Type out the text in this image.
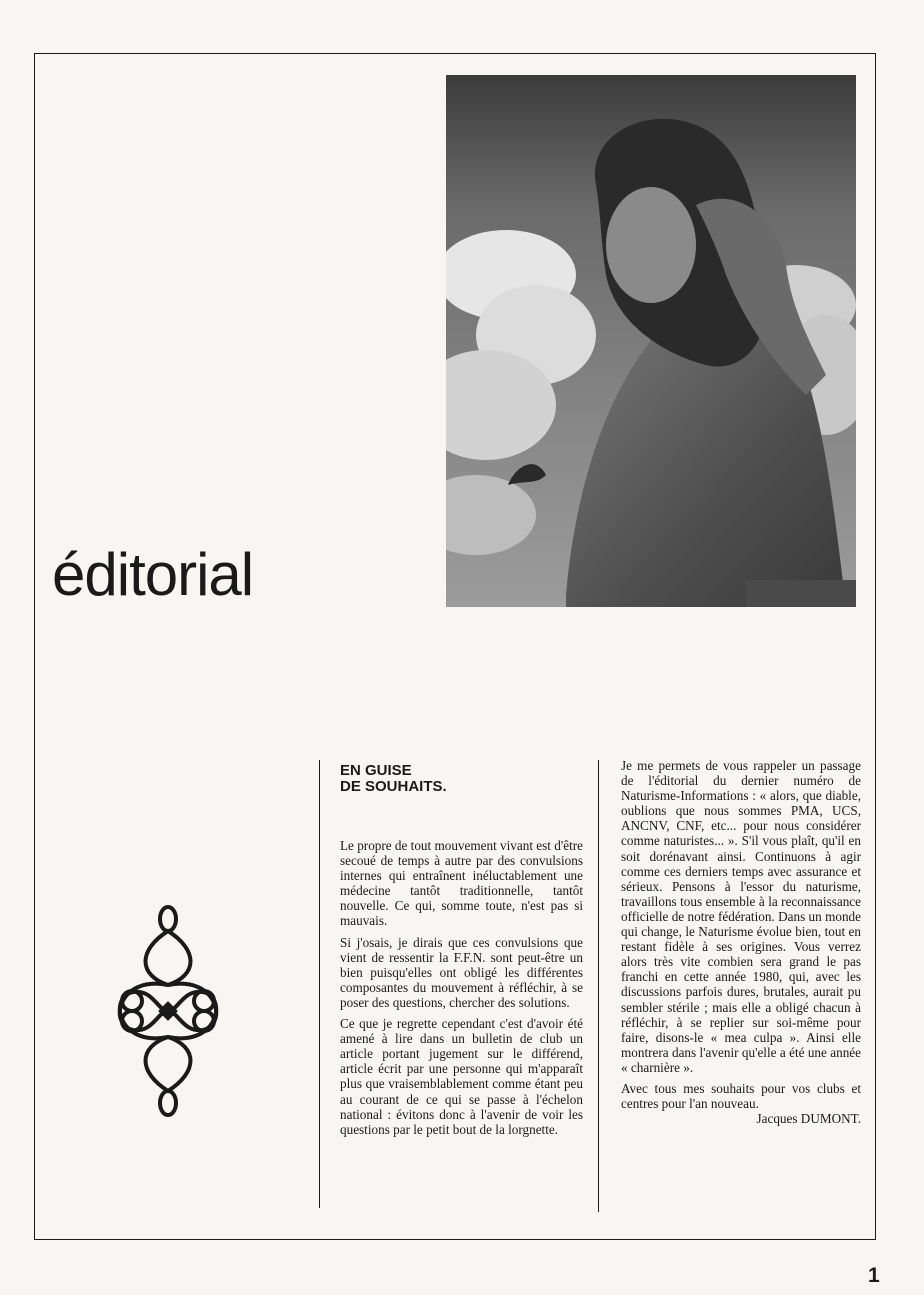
éditorial
EN GUISE
DE SOUHAITS.

Le propre de tout mouvement vivant est d'être secoué de temps à autre par des convulsions internes qui entraînent inéluctablement une médecine tantôt traditionnelle, tantôt nouvelle. Ce qui, somme toute, n'est pas si mauvais.

Si j'osais, je dirais que ces convulsions que vient de ressentir la F.F.N. sont peut-être un bien puisqu'elles ont obligé les différentes composantes du mouvement à réfléchir, à se poser des questions, chercher des solutions.

Ce que je regrette cependant c'est d'avoir été amené à lire dans un bulletin de club un article portant jugement sur le différend, article écrit par une personne qui m'apparaît plus que vraisemblablement comme étant peu au courant de ce qui se passe à l'échelon national : évitons donc à l'avenir de voir les questions par le petit bout de la lorgnette.

Je me permets de vous rappeler un passage de l'éditorial du dernier numéro de Naturisme-Informations : « alors, que diable, oublions que nous sommes PMA, UCS, ANCNV, CNF, etc... pour nous considérer comme naturistes... ». S'il vous plaît, qu'il en soit dorénavant ainsi. Continuons à agir comme ces derniers temps avec assurance et sérieux. Pensons à l'essor du naturisme, travaillons tous ensemble à la reconnaissance officielle de notre fédération. Dans un monde qui change, le Naturisme évolue bien, tout en restant fidèle à ses origines. Vous verrez alors très vite combien sera grand le pas franchi en cette année 1980, qui, avec les discussions parfois dures, brutales, aurait pu sembler stérile ; mais elle a obligé chacun à réfléchir, à se replier sur soi-même pour faire, disons-le « mea culpa ». Ainsi elle montrera dans l'avenir qu'elle a été une année « charnière ».

Avec tous mes souhaits pour vos clubs et centres pour l'an nouveau.

Jacques DUMONT.

1
